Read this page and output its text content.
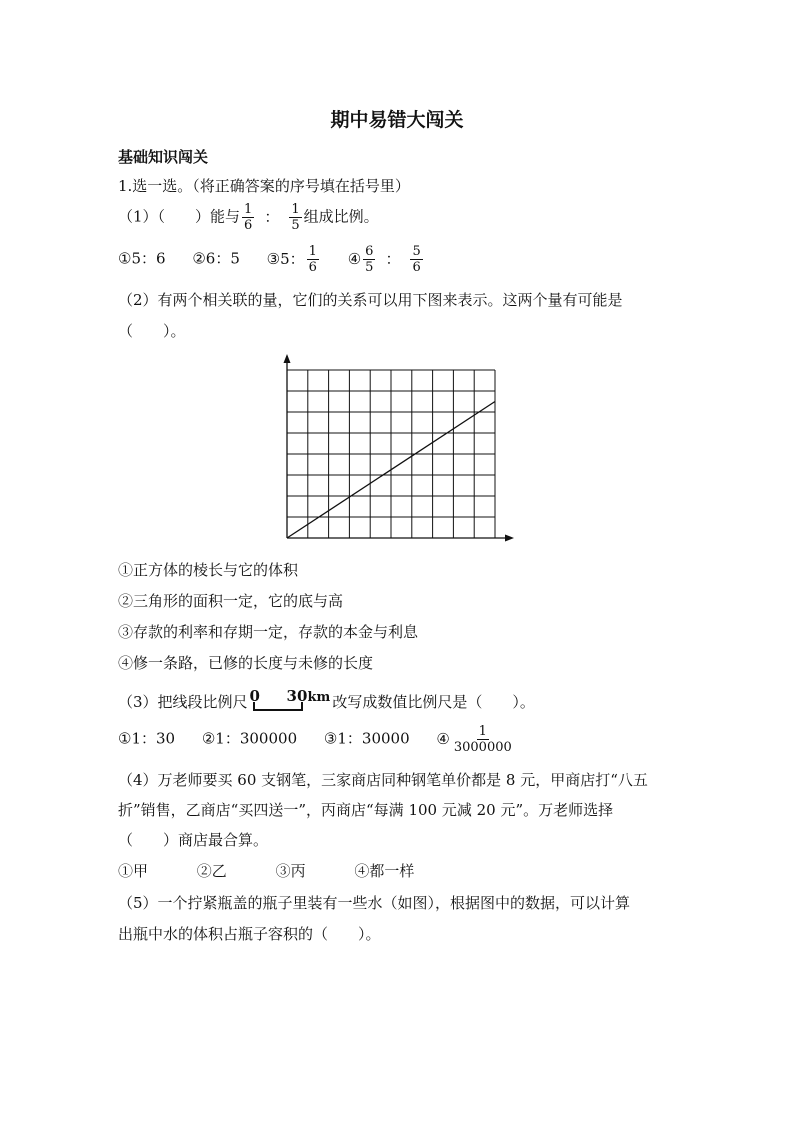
期中易错大闯关
基础知识闯关
1.选一选。（将正确答案的序号填在括号里）
（1）（　　）能与 $\frac{1}{6}$ ： $\frac{1}{5}$ 组成比例。
①5：6 ②6：5 ③5： $\frac{1}{6}$ ④ $\frac{6}{5}$ ： $\frac{5}{6}$
（2）有两个相关联的量，它们的关系可以用下图来表示。这两个量有可能是
（　　）。
①正方体的棱长与它的体积
②三角形的面积一定，它的底与高
③存款的利率和存期一定，存款的本金与利息
④修一条路，已修的长度与未修的长度
（3）把线段比例尺 0 30 km 改写成数值比例尺是（　　）。
①1：30 ②1：300000 ③1：30000 ④ $\frac{1}{3000000}$
（4）万老师要买 60 支钢笔，三家商店同种钢笔单价都是 8 元，甲商店打“八五
折”销售，乙商店“买四送一”，丙商店“每满 100 元减 20 元”。万老师选择
（　　）商店最合算。
①甲	②乙	③丙	④都一样
（5）一个拧紧瓶盖的瓶子里装有一些水（如图），根据图中的数据，可以计算
出瓶中水的体积占瓶子容积的（　　）。
